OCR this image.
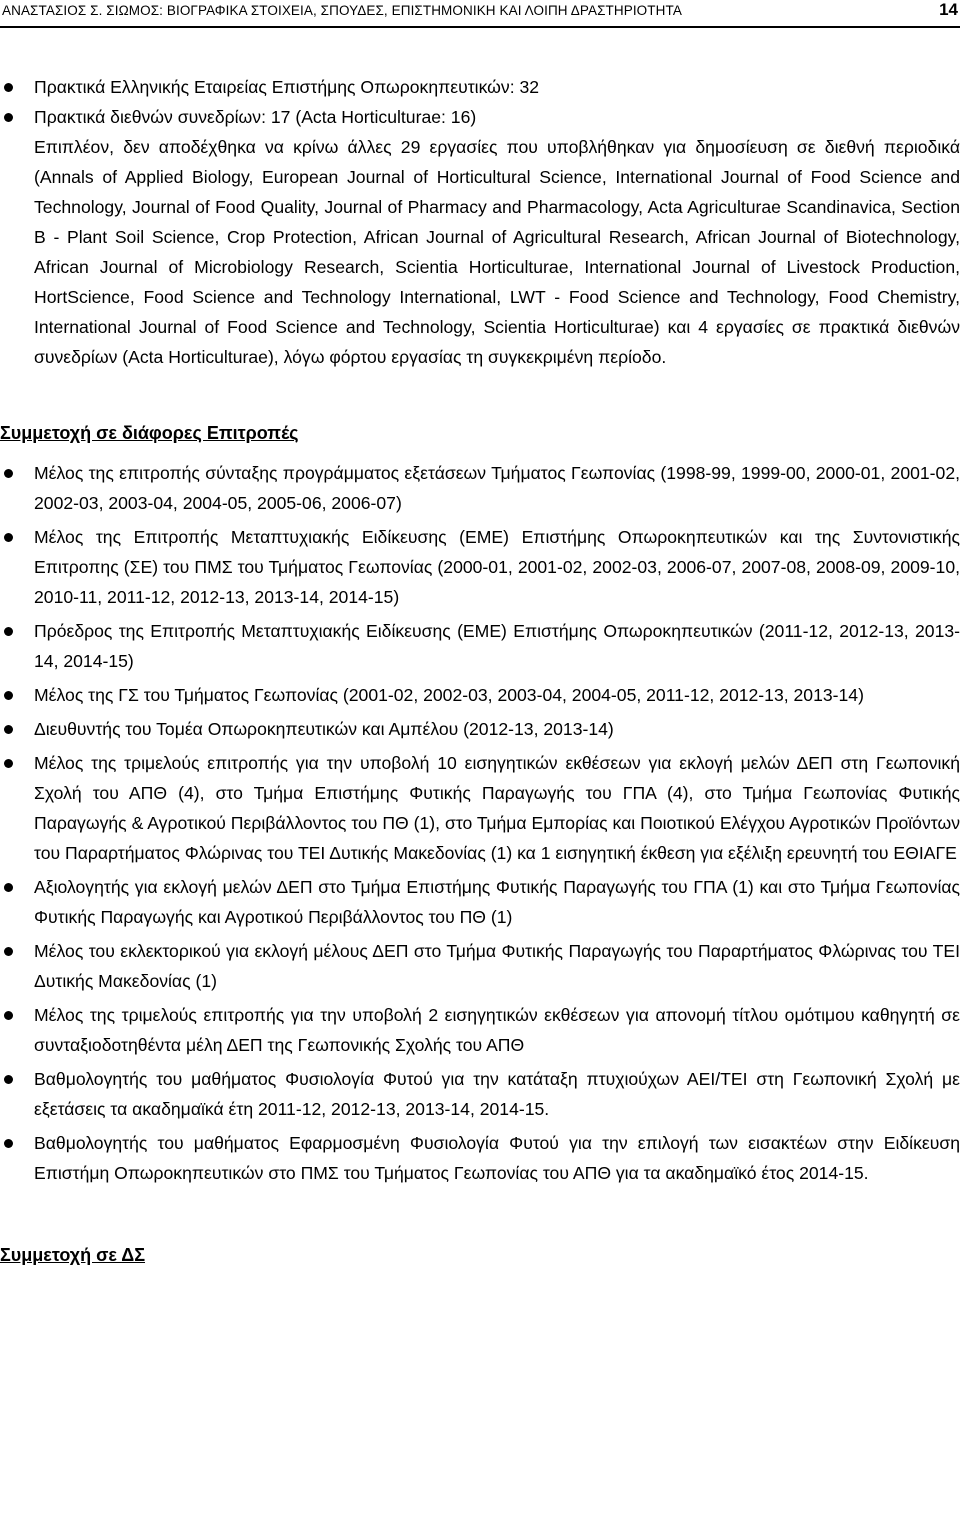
ΑΝΑΣΤΑΣΙΟΣ Σ. ΣΙΩΜΟΣ: ΒΙΟΓΡΑΦΙΚΑ ΣΤΟΙΧΕΙΑ, ΣΠΟΥΔΕΣ, ΕΠΙΣΤΗΜΟΝΙΚΗ ΚΑΙ ΛΟΙΠΗ ΔΡΑΣΤΗΡΙΟΤΗΤΑ	14
Πρακτικά Ελληνικής Εταιρείας Επιστήμης Οπωροκηπευτικών: 32
Πρακτικά διεθνών συνεδρίων: 17 (Acta Horticulturae: 16)
Επιπλέον, δεν αποδέχθηκα να κρίνω άλλες 29 εργασίες που υποβλήθηκαν για δημοσίευση σε διεθνή περιοδικά (Annals of Applied Biology, European Journal of Horticultural Science, International Journal of Food Science and Technology, Journal of Food Quality, Journal of Pharmacy and Pharmacology, Acta Agriculturae Scandinavica, Section B - Plant Soil Science, Crop Protection, African Journal of Agricultural Research, African Journal of Biotechnology, African Journal of Microbiology Research, Scientia Horticulturae, International Journal of Livestock Production, HortScience, Food Science and Technology International, LWT - Food Science and Technology, Food Chemistry, International Journal of Food Science and Technology, Scientia Horticulturae) και 4 εργασίες σε πρακτικά διεθνών συνεδρίων (Acta Horticulturae), λόγω φόρτου εργασίας τη συγκεκριμένη περίοδο.
Συμμετοχή σε διάφορες Επιτροπές
Μέλος της επιτροπής σύνταξης προγράμματος εξετάσεων Τμήματος Γεωπονίας (1998-99, 1999-00, 2000-01, 2001-02, 2002-03, 2003-04, 2004-05, 2005-06, 2006-07)
Μέλος της Επιτροπής Μεταπτυχιακής Ειδίκευσης (ΕΜΕ) Επιστήμης Οπωροκηπευτικών και της Συντονιστικής Επιτροπης (ΣΕ) του ΠΜΣ του Τμήματος Γεωπονίας (2000-01, 2001-02, 2002-03, 2006-07, 2007-08, 2008-09, 2009-10, 2010-11, 2011-12, 2012-13, 2013-14, 2014-15)
Πρόεδρος της Επιτροπής Μεταπτυχιακής Ειδίκευσης (ΕΜΕ) Επιστήμης Οπωροκηπευτικών (2011-12, 2012-13, 2013-14, 2014-15)
Μέλος της ΓΣ του Τμήματος Γεωπονίας (2001-02, 2002-03, 2003-04, 2004-05, 2011-12, 2012-13, 2013-14)
Διευθυντής του Τομέα Οπωροκηπευτικών και Αμπέλου (2012-13, 2013-14)
Μέλος της τριμελούς επιτροπής για την υποβολή 10 εισηγητικών εκθέσεων για εκλογή μελών ΔΕΠ στη Γεωπονική Σχολή του ΑΠΘ (4), στο Τμήμα Επιστήμης Φυτικής Παραγωγής του ΓΠΑ (4), στο Τμήμα Γεωπονίας Φυτικής Παραγωγής & Αγροτικού Περιβάλλοντος του ΠΘ (1), στο Τμήμα Εμπορίας και Ποιοτικού Ελέγχου Αγροτικών Προϊόντων του Παραρτήματος Φλώρινας του ΤΕΙ Δυτικής Μακεδονίας (1) κα 1 εισηγητική έκθεση για εξέλιξη ερευνητή του ΕΘΙΑΓΕ
Αξιολογητής για εκλογή μελών ΔΕΠ στο Τμήμα Επιστήμης Φυτικής Παραγωγής του ΓΠΑ (1) και στο Τμήμα Γεωπονίας Φυτικής Παραγωγής και Αγροτικού Περιβάλλοντος του ΠΘ (1)
Μέλος του εκλεκτορικού για εκλογή μέλους ΔΕΠ στο Τμήμα Φυτικής Παραγωγής του Παραρτήματος Φλώρινας του ΤΕΙ Δυτικής Μακεδονίας (1)
Μέλος της τριμελούς επιτροπής για την υποβολή 2 εισηγητικών εκθέσεων για απονομή τίτλου ομότιμου καθηγητή σε συνταξιοδοτηθέντα μέλη ΔΕΠ της Γεωπονικής Σχολής του ΑΠΘ
Βαθμολογητής του μαθήματος Φυσιολογία Φυτού για την κατάταξη πτυχιούχων ΑΕΙ/ΤΕΙ στη Γεωπονική Σχολή με εξετάσεις τα ακαδημαϊκά έτη 2011-12, 2012-13, 2013-14, 2014-15.
Βαθμολογητής του μαθήματος Εφαρμοσμένη Φυσιολογία Φυτού για την επιλογή των εισακτέων στην Ειδίκευση Επιστήμη Οπωροκηπευτικών στο ΠΜΣ του Τμήματος Γεωπονίας του ΑΠΘ για τα ακαδημαϊκό έτος 2014-15.
Συμμετοχή σε ΔΣ
